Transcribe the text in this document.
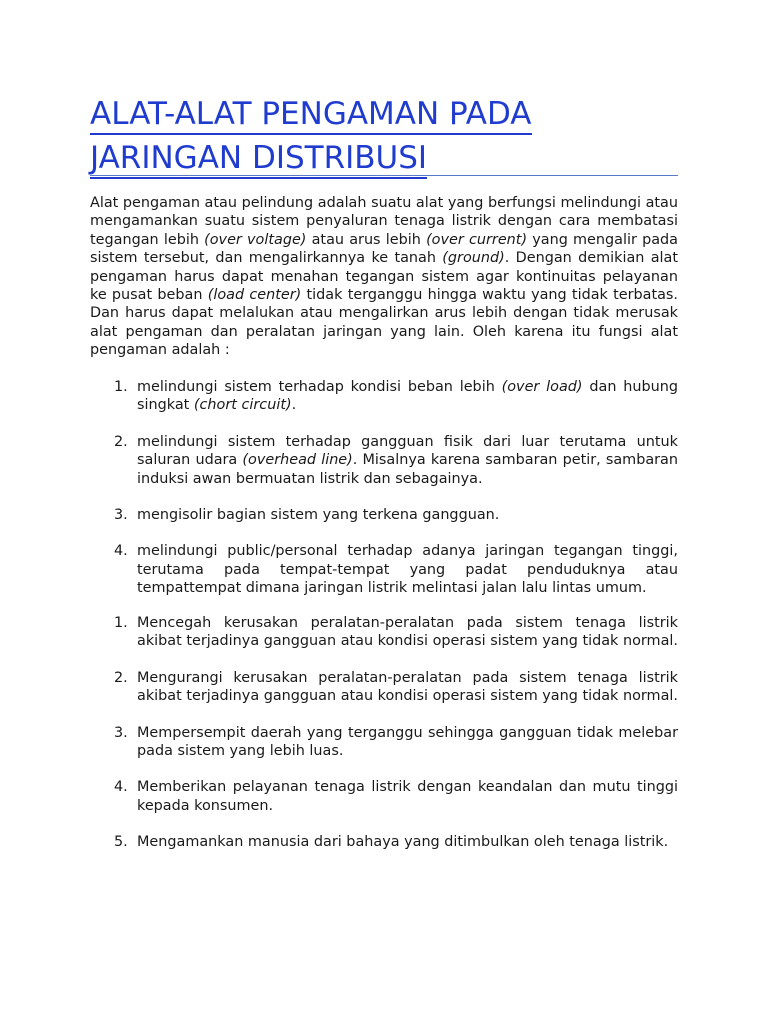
ALAT-ALAT PENGAMAN PADA
JARINGAN DISTRIBUSI

Alat pengaman atau pelindung adalah suatu alat yang berfungsi melindungi atau mengamankan suatu sistem penyaluran tenaga listrik dengan cara membatasi tegangan lebih (over voltage) atau arus lebih (over current) yang mengalir pada sistem tersebut, dan mengalirkannya ke tanah (ground). Dengan demikian alat pengaman harus dapat menahan tegangan sistem agar kontinuitas pelayanan ke pusat beban (load center) tidak terganggu hingga waktu yang tidak terbatas. Dan harus dapat melalukan atau mengalirkan arus lebih dengan tidak merusak alat pengaman dan peralatan jaringan yang lain. Oleh karena itu fungsi alat pengaman adalah :

1. melindungi sistem terhadap kondisi beban lebih (over load) dan hubung singkat (chort circuit).
2. melindungi sistem terhadap gangguan fisik dari luar terutama untuk saluran udara (overhead line). Misalnya karena sambaran petir, sambaran induksi awan bermuatan listrik dan sebagainya.
3. mengisolir bagian sistem yang terkena gangguan.
4. melindungi public/personal terhadap adanya jaringan tegangan tinggi, terutama pada tempat-tempat yang padat penduduknya atau tempattempat dimana jaringan listrik melintasi jalan lalu lintas umum.
1. Mencegah kerusakan peralatan-peralatan pada sistem tenaga listrik akibat terjadinya gangguan atau kondisi operasi sistem yang tidak normal.
2. Mengurangi kerusakan peralatan-peralatan pada sistem tenaga listrik akibat terjadinya gangguan atau kondisi operasi sistem yang tidak normal.
3. Mempersempit daerah yang terganggu sehingga gangguan tidak melebar pada sistem yang lebih luas.
4. Memberikan pelayanan tenaga listrik dengan keandalan dan mutu tinggi kepada konsumen.
5. Mengamankan manusia dari bahaya yang ditimbulkan oleh tenaga listrik.
